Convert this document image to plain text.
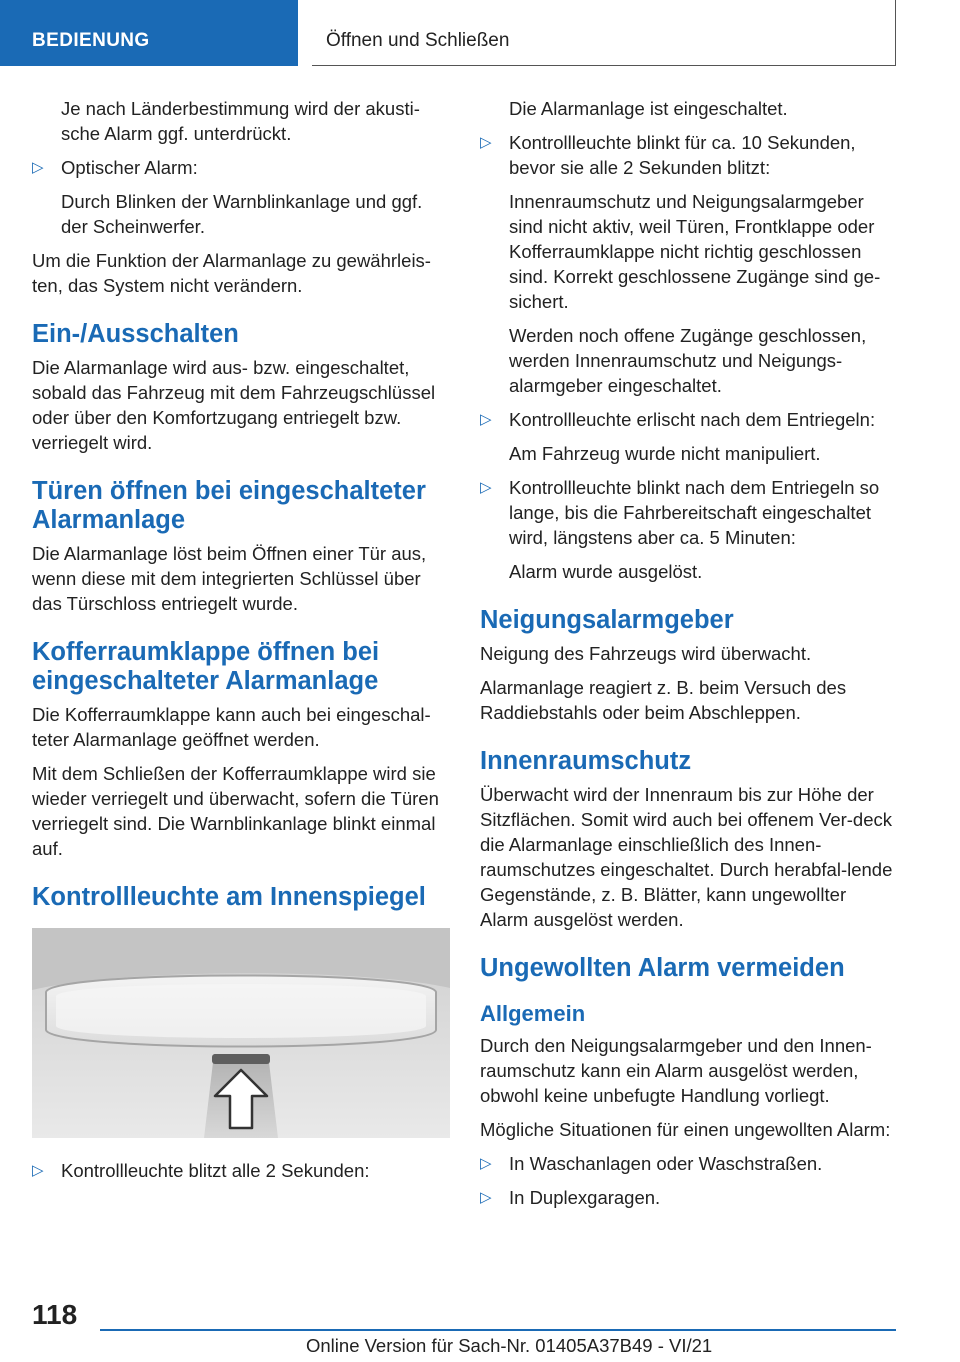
BEDIENUNG	Öffnen und Schließen

Je nach Länderbestimmung wird der akusti-sche Alarm ggf. unterdrückt.

▷ Optischer Alarm:

Durch Blinken der Warnblinkanlage und ggf. der Scheinwerfer.

Um die Funktion der Alarmanlage zu gewährleis-ten, das System nicht verändern.

Ein-/Ausschalten

Die Alarmanlage wird aus- bzw. eingeschaltet, sobald das Fahrzeug mit dem Fahrzeugschlüssel oder über den Komfortzugang entriegelt bzw. verriegelt wird.

Türen öffnen bei eingeschalteter Alarmanlage

Die Alarmanlage löst beim Öffnen einer Tür aus, wenn diese mit dem integrierten Schlüssel über das Türschloss entriegelt wurde.

Kofferraumklappe öffnen bei eingeschalteter Alarmanlage

Die Kofferraumklappe kann auch bei eingeschal-teter Alarmanlage geöffnet werden.

Mit dem Schließen der Kofferraumklappe wird sie wieder verriegelt und überwacht, sofern die Türen verriegelt sind. Die Warnblinkanlage blinkt einmal auf.

Kontrollleuchte am Innenspiegel
▷ Kontrollleuchte blitzt alle 2 Sekunden:

Die Alarmanlage ist eingeschaltet.

▷ Kontrollleuchte blinkt für ca. 10 Sekunden, bevor sie alle 2 Sekunden blitzt:

Innenraumschutz und Neigungsalarmgeber sind nicht aktiv, weil Türen, Frontklappe oder Kofferraumklappe nicht richtig geschlossen sind. Korrekt geschlossene Zugänge sind ge-sichert.

Werden noch offene Zugänge geschlossen, werden Innenraumschutz und Neigungs-alarmgeber eingeschaltet.

▷ Kontrollleuchte erlischt nach dem Entriegeln:

Am Fahrzeug wurde nicht manipuliert.

▷ Kontrollleuchte blinkt nach dem Entriegeln so lange, bis die Fahrbereitschaft eingeschaltet wird, längstens aber ca. 5 Minuten:

Alarm wurde ausgelöst.

Neigungsalarmgeber

Neigung des Fahrzeugs wird überwacht.

Alarmanlage reagiert z. B. beim Versuch des Raddiebstahls oder beim Abschleppen.

Innenraumschutz

Überwacht wird der Innenraum bis zur Höhe der Sitzflächen. Somit wird auch bei offenem Ver-deck die Alarmanlage einschließlich des Innen-raumschutzes eingeschaltet. Durch herabfal-lende Gegenstände, z. B. Blätter, kann ungewollter Alarm ausgelöst werden.

Ungewollten Alarm vermeiden
Allgemein

Durch den Neigungsalarmgeber und den Innen-raumschutz kann ein Alarm ausgelöst werden, obwohl keine unbefugte Handlung vorliegt.

Mögliche Situationen für einen ungewollten Alarm:

▷ In Waschanlagen oder Waschstraßen.
▷ In Duplexgaragen.
118
Online Version für Sach-Nr. 01405A37B49 - VI/21
